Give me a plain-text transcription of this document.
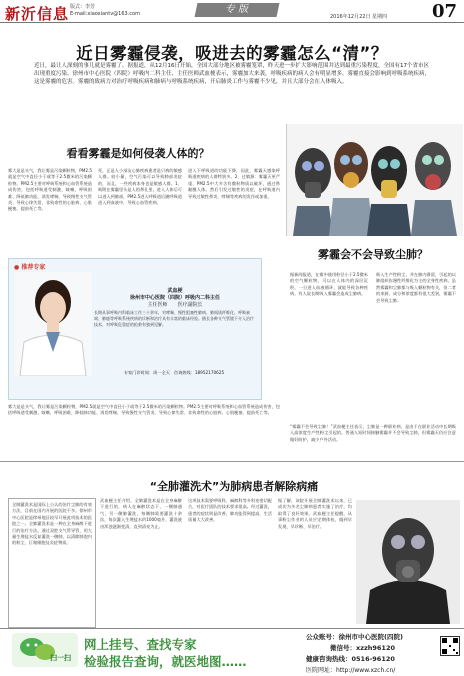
新沂信息 版式：李芳
E-mail:xiaoxiantv@163.com	专 版
2016年12月22日 星期四 07
近日雾霾侵袭，吸进去的雾霾怎么“清”？
近日，最让人深刻的事儿就是雾霾了。据报道，从12月16日开始，全国大部分地区被雾霾笼罩，昨天进一步扩大影响范围并达到最重污染程度，全国有17个省市区出现重度污染。徐州市中心医院（四院）呼吸内二科主任、主任医师武血梗表示，雾霾加大来袭，呼吸疾病的病人会有明显增多，雾霾直接会影响到呼吸系统疾病，这是雾霾的危害。雾霾的致病力对治疗呼吸疾病和肺病与呼吸系统疾病，开启肺炎工作与雾霾不少见，并且大部分会在人体吸入。
看看雾霾是如何侵袭人体的？
雾大是是头气，我让雾是污染颗粒物，PM2.5就是空气中直径小于或等于2.5微米的污染颗粒物。PM2.5主要对呼吸系统和心血管系统造成伤害，包括呼吸道受刺激、咳嗽、呼吸困难、降低肺功能、诱发哮喘、导致慢性支气管炎、导致心律失常、非致命性的心脏病、心肌梗塞、提前死亡等。
死，正是人小部友心肺疾病患者是只病的敏感人群。较小量，空气污染可以导致肺部炎症的，而且，一些疾病本身也是敏感人群。1、吸附在雾霾里头是人的鼻孔里，进入人体后可以进入到肺部，PM2.5进入呼吸道后随呼吸道进入到血液中，导致心血管疾病。
进入下呼吸道的功能下降，因此，雾霾天感染呼吸道疾病的人群特别多。2、过敏源：雾霾天更严重，PM2.5中大多含有微粒物质以破坏，通过鼻黏膜人体。然后引发过敏性的炎症，在呼吸道内导致过敏性鼻炎、哮喘等疾病的发作或加重。
● 推荐专家
武血梗
徐州市中心医院（四院）呼吸内二科主任
主任医师　　医疗副院长
长期从事呼吸内科临床工作三十余年，对哮喘、慢性阻塞性肺病、肺间质纤维化、呼吸衰竭、肺癌等呼吸系统疾病的诊断和治疗具有丰富的临床经验。擅长各种支气管镜下介入治疗技术，对呼吸危重症的抢救有独到见解。
专家门诊时间：周一全天 咨询热线：18952170625
雾霾会不会导致尘肺？
据新闻报道，在雾中使用粒径小于2.5微米的空气颗粒物，可以在人体内的深层沉积，一旦进入血液循环，就能导致各种疾病。有人说长期吸入雾霾会造成尘肺病。
吸入生产性粉尘，并在肺内滞留，引起的以肺组织弥漫性纤维化为主的全身性疾病。虽然雾霾和尘肺都与吸入颗粒物有关，但二者的来源、成分和浓度都有很大差别，雾霾不会导致尘肺。
“雾霾不会导致尘肺！”武血梗主任表示，尘肺是一种职业病，是由于在职业活动中长期吸入高浓度生产性粉尘引起的。普通人短时间接触雾霾并不会导致尘肺，但雾霾天仍应注意做好防护，减少户外活动。
雾大是是头气，我让雾是污染颗粒物，PM2.5就是空气中直径小于或等于2.5微米的污染颗粒物。PM2.5主要对呼吸系统和心血管系统造成伤害，包括呼吸道受刺激、咳嗽、呼吸困难、降低肺功能、诱发哮喘、导致慢性支气管炎、导致心律失常、非致命性的心脏病、心肌梗塞、提前死亡等。
“全肺灌洗术”为肺病患者解除病痛
全肺灌洗术是国际上公认的治疗尘肺的有效方法，目前在国内开展的医院不多。徐州市中心医院是徐州地区较早开展此项技术的医院之一。全肺灌洗术是一种在全身麻醉下进行的治疗方法，通过双腔支气管导管，用大量生理盐水反复灌洗一侧肺，以清除肺泡内的粉尘、巨噬细胞及炎症物质。
武血梗主任介绍，全肺灌洗术是在全身麻醉下进行的，病人在麻醉状态下，一侧肺通气，另一侧肺灌洗，每侧肺需要灌洗十余次，每次灌入生理盐水约1000毫升，灌洗液由浑浊逐渐变清，直到清亮为止。
这项技术需要呼吸科、麻醉科等多科室密切配合，对医疗团队的技术要求很高。经过灌洗，患者的症状明显改善，肺功能得到提高，生活质量大大改善。
据了解，该院开展全肺灌洗术以来，已成功为多名尘肺病患者实施了治疗，均取得了良好效果。武血梗主任提醒，从事粉尘作业的人员应定期体检，做到早发现、早诊断、早治疗。
扫一扫
网上挂号、查找专家
检验报告查询，就医地图……
公众账号：徐州市中心医院(四院)
微信号：xzzh96120
健康咨询热线：0516-96120
医院网址：http://www.xzch.cn/
